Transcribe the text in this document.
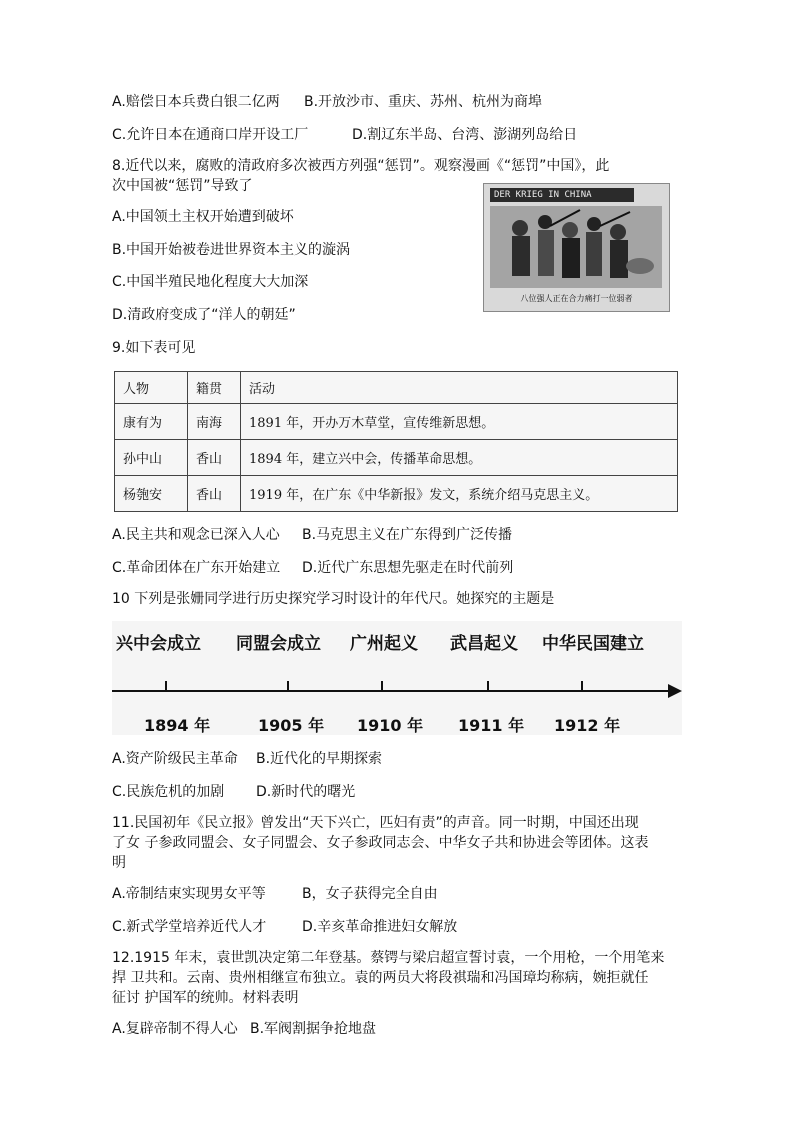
A.赔偿日本兵费白银二亿两 B.开放沙市、重庆、苏州、杭州为商埠
C.允许日本在通商口岸开设工厂	D.割辽东半岛、台湾、澎湖列岛给日
8.近代以来，腐败的清政府多次被西方列强“惩罚”。观察漫画《“惩罚”中国》，此
次中国被“惩罚”导致了
A.中国领土主权开始遭到破坏
B.中国开始被卷进世界资本主义的漩涡
C.中国半殖民地化程度大大加深
D.清政府变成了“洋人的朝廷”
DER KRIEG IN CHINA
八位强人正在合力痛打一位弱者
9.如下表可见
人物	籍贯	活动
康有为	南海	1891 年，开办万木草堂，宣传维新思想。
孙中山	香山	1894 年，建立兴中会，传播革命思想。
杨匏安	香山	1919 年，在广东《中华新报》发文，系统介绍马克思主义。
A.民主共和观念已深入人心 B.马克思主义在广东得到广泛传播
C.革命团体在广东开始建立 D.近代广东思想先驱走在时代前列
10 下列是张姗同学进行历史探究学习时设计的年代尺。她探究的主题是
兴中会成立 同盟会成立 广州起义 武昌起义 中华民国建立
1894 年	1905 年 1910 年 1911 年 1912 年
A.资产阶级民主革命 B.近代化的早期探索
C.民族危机的加剧 D.新时代的曙光
11.民国初年《民立报》曾发出“天下兴亡，匹妇有责”的声音。同一时期，中国还出现
了女 子参政同盟会、女子同盟会、女子参政同志会、中华女子共和协进会等团体。这表
明
A.帝制结束实现男女平等	B，女子获得完全自由
C.新式学堂培养近代人才	D.辛亥革命推进妇女解放
12.1915 年末，袁世凯决定第二年登基。蔡锷与梁启超宣誓讨袁，一个用枪，一个用笔来
捍 卫共和。云南、贵州相继宣布独立。袁的两员大将段祺瑞和冯国璋均称病，婉拒就任
征讨 护国军的统帅。材料表明
A.复辟帝制不得人心 B.军阀割据争抢地盘
